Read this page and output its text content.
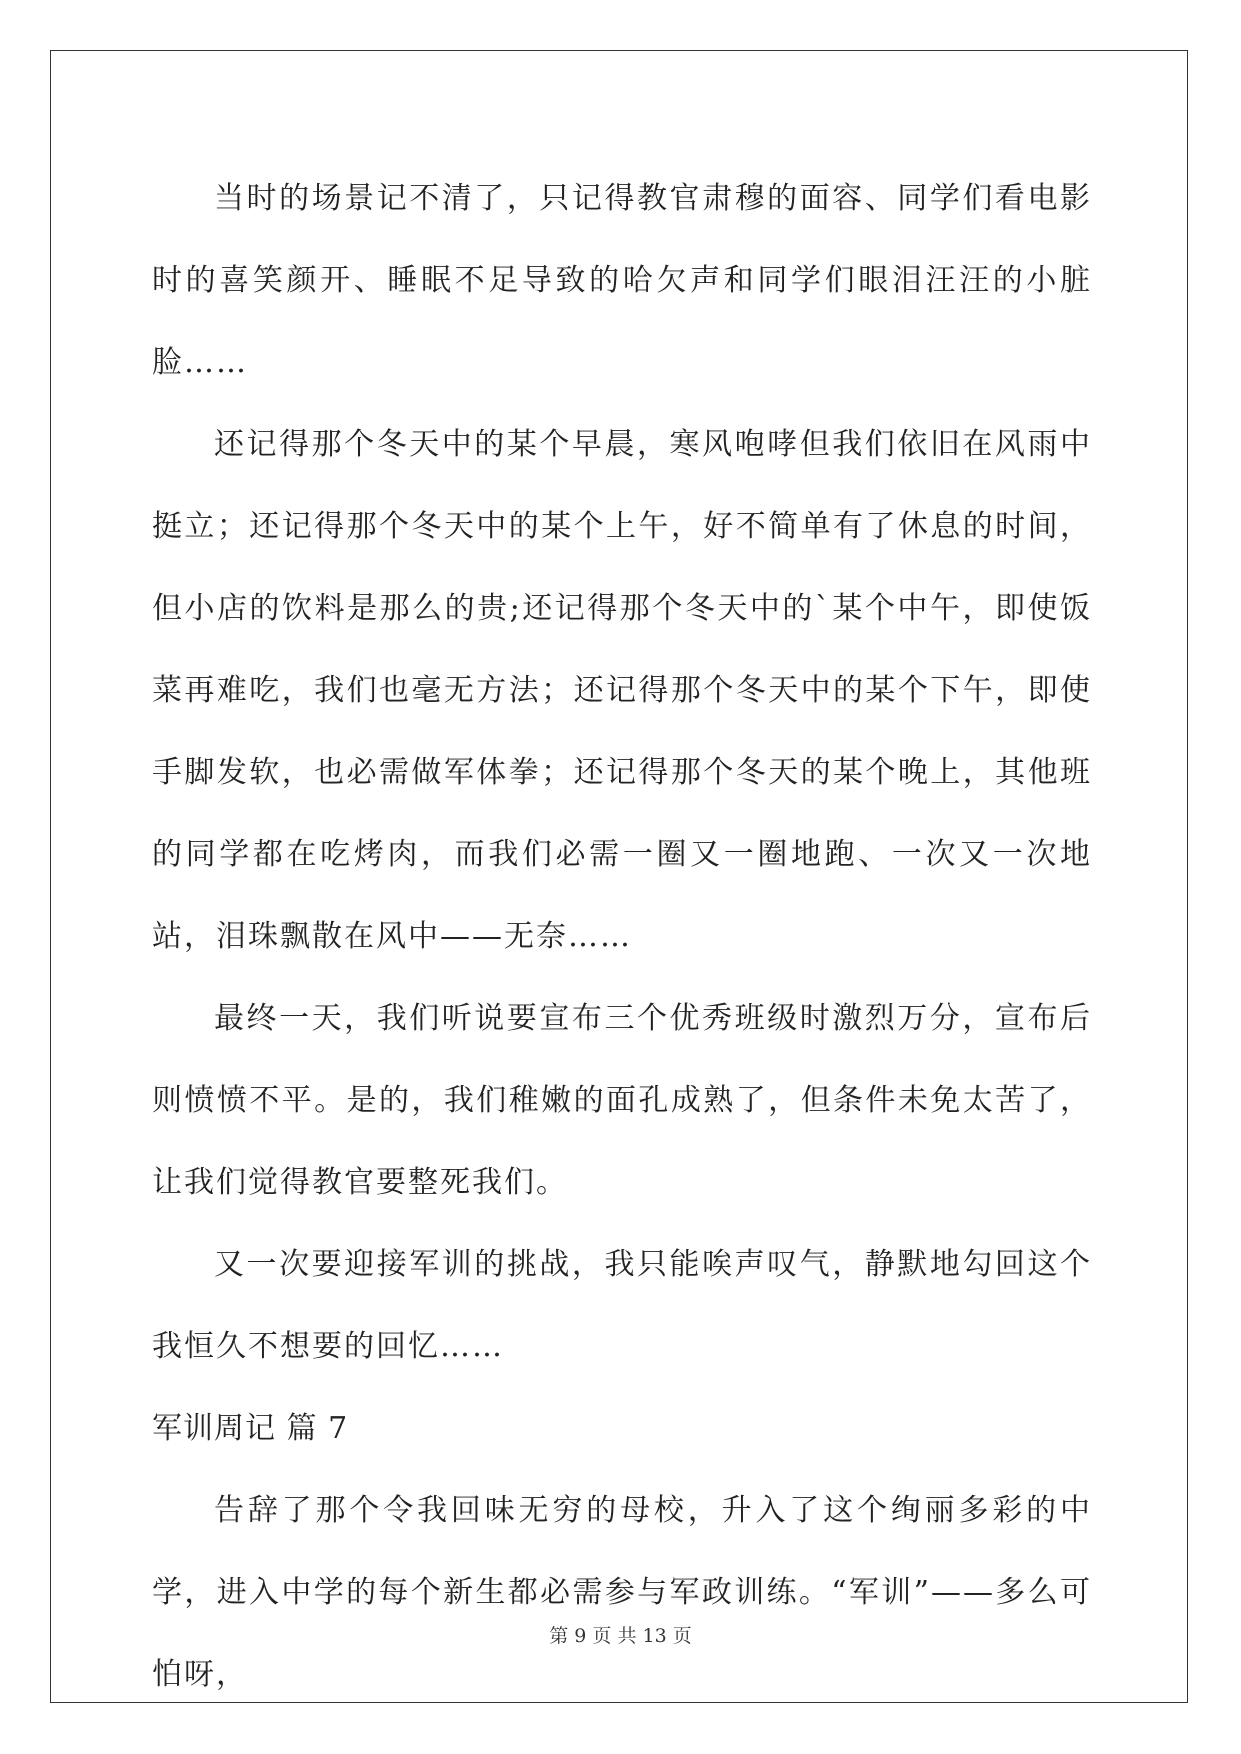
当时的场景记不清了，只记得教官肃穆的面容、同学们看电影时的喜笑颜开、睡眠不足导致的哈欠声和同学们眼泪汪汪的小脏脸……

还记得那个冬天中的某个早晨，寒风咆哮但我们依旧在风雨中挺立；还记得那个冬天中的某个上午，好不简单有了休息的时间，但小店的饮料是那么的贵;还记得那个冬天中的`某个中午，即使饭菜再难吃，我们也毫无方法；还记得那个冬天中的某个下午，即使手脚发软，也必需做军体拳；还记得那个冬天的某个晚上，其他班的同学都在吃烤肉，而我们必需一圈又一圈地跑、一次又一次地站，泪珠飘散在风中——无奈……

最终一天，我们听说要宣布三个优秀班级时激烈万分，宣布后则愤愤不平。是的，我们稚嫩的面孔成熟了，但条件未免太苦了，让我们觉得教官要整死我们。

又一次要迎接军训的挑战，我只能唉声叹气，静默地勾回这个我恒久不想要的回忆……

军训周记 篇 7

告辞了那个令我回味无穷的母校，升入了这个绚丽多彩的中学，进入中学的每个新生都必需参与军政训练。“军训”——多么可怕呀，

第 9 页 共 13 页
